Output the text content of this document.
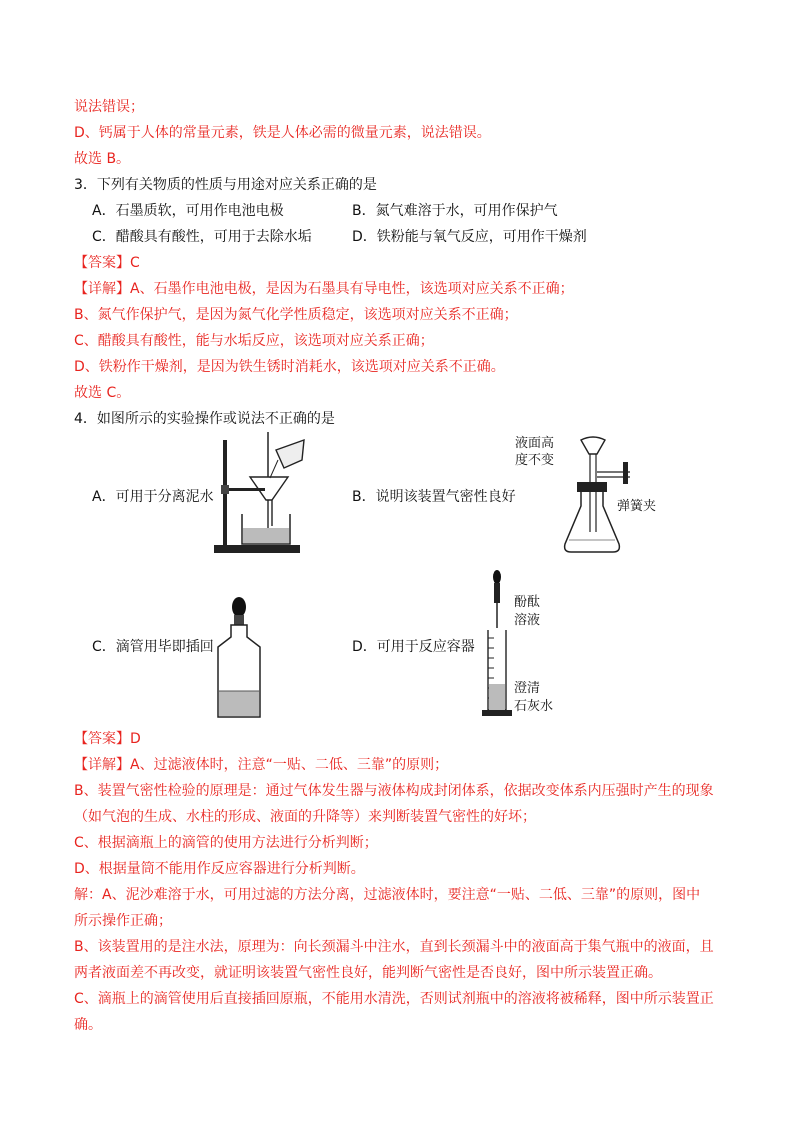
说法错误；
D、钙属于人体的常量元素，铁是人体必需的微量元素，说法错误。
故选 B。
3．下列有关物质的性质与用途对应关系正确的是
A．石墨质软，可用作电池电极	B．氮气难溶于水，可用作保护气
C．醋酸具有酸性，可用于去除水垢	D．铁粉能与氧气反应，可用作干燥剂
【答案】C
【详解】A、石墨作电池电极，是因为石墨具有导电性，该选项对应关系不正确；
B、氮气作保护气，是因为氮气化学性质稳定，该选项对应关系不正确；
C、醋酸具有酸性，能与水垢反应，该选项对应关系正确；
D、铁粉作干燥剂，是因为铁生锈时消耗水，该选项对应关系不正确。
故选 C。
4．如图所示的实验操作或说法不正确的是
A．可用于分离泥水	B．说明该装置气密性良好
C．滴管用毕即插回	D．可用于反应容器
液面高
度不变
弹簧夹
酚酞
溶液
澄清
石灰水
【答案】D
【详解】A、过滤液体时，注意“一贴、二低、三靠”的原则；
B、装置气密性检验的原理是：通过气体发生器与液体构成封闭体系，依据改变体系内压强时产生的现象
（如气泡的生成、水柱的形成、液面的升降等）来判断装置气密性的好坏；
C、根据滴瓶上的滴管的使用方法进行分析判断；
D、根据量筒不能用作反应容器进行分析判断。
解：A、泥沙难溶于水，可用过滤的方法分离，过滤液体时，要注意“一贴、二低、三靠”的原则，图中
所示操作正确；
B、该装置用的是注水法，原理为：向长颈漏斗中注水，直到长颈漏斗中的液面高于集气瓶中的液面，且
两者液面差不再改变，就证明该装置气密性良好，能判断气密性是否良好，图中所示装置正确。
C、滴瓶上的滴管使用后直接插回原瓶，不能用水清洗，否则试剂瓶中的溶液将被稀释，图中所示装置正
确。
